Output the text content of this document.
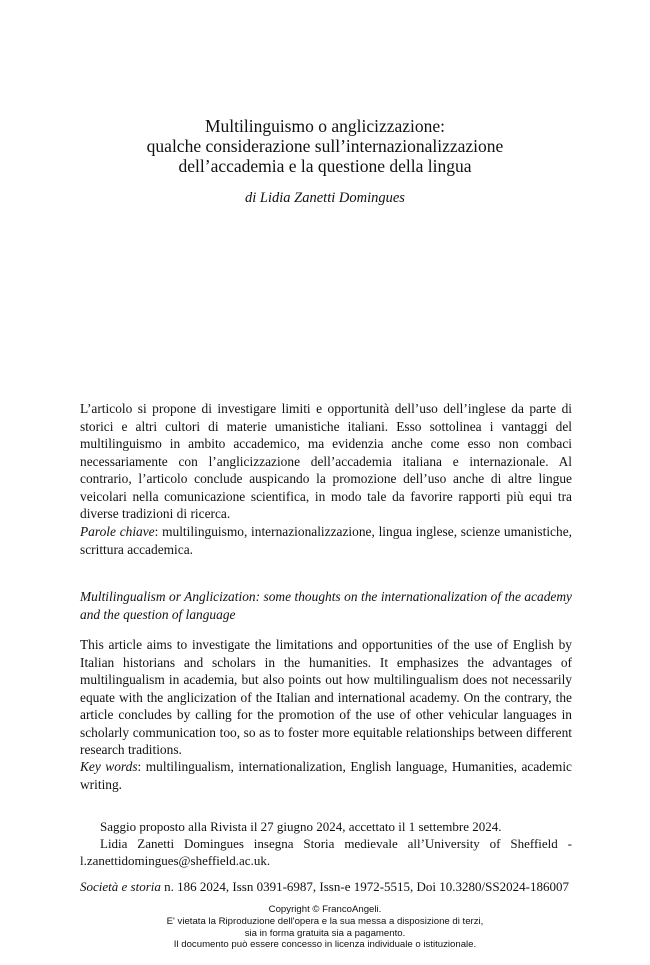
Multilinguismo o anglicizzazione:
qualche considerazione sull’internazionalizzazione
dell’accademia e la questione della lingua
di Lidia Zanetti Domingues

L’articolo si propone di investigare limiti e opportunità dell’uso dell’inglese da parte di storici e altri cultori di materie umanistiche italiani. Esso sottolinea i vantaggi del multilinguismo in ambito accademico, ma evidenzia anche come esso non combaci necessariamente con l’anglicizzazione dell’accademia italiana e internazionale. Al contrario, l’articolo conclude auspicando la promozione dell’uso anche di altre lingue veicolari nella comunicazione scientifica, in modo tale da favorire rapporti più equi tra diverse tradizioni di ricerca.

Parole chiave: multilinguismo, internazionalizzazione, lingua inglese, scienze umanistiche, scrittura accademica.

Multilingualism or Anglicization: some thoughts on the internationalization of the academy and the question of language

This article aims to investigate the limitations and opportunities of the use of English by Italian historians and scholars in the humanities. It emphasizes the advantages of multilingualism in academia, but also points out how multilingualism does not necessarily equate with the anglicization of the Italian and international academy. On the contrary, the article concludes by calling for the promotion of the use of other vehicular languages in scholarly communication too, so as to foster more equitable relationships between different research traditions.

Key words: multilingualism, internationalization, English language, Humanities, academic writing.

Saggio proposto alla Rivista il 27 giugno 2024, accettato il 1 settembre 2024.

Lidia Zanetti Domingues insegna Storia medievale all’University of Sheffield - l.zanettidomingues@sheffield.ac.uk.

Società e storia n. 186 2024, Issn 0391-6987, Issn-e 1972-5515, Doi 10.3280/SS2024-186007
Copyright © FrancoAngeli.
E' vietata la Riproduzione dell'opera e la sua messa a disposizione di terzi,
sia in forma gratuita sia a pagamento.
Il documento può essere concesso in licenza individuale o istituzionale.
